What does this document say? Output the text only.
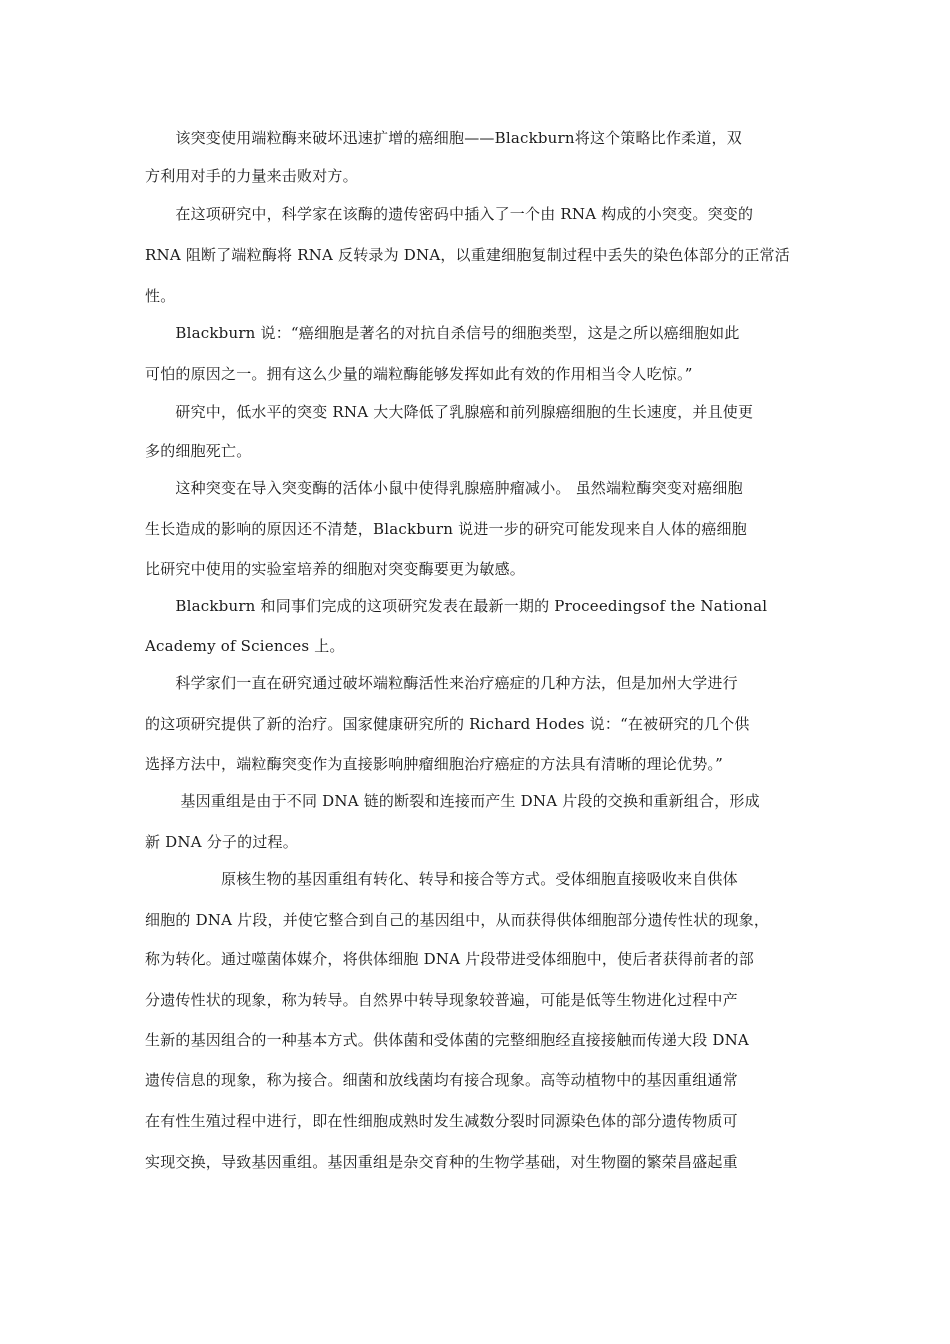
　　该突变使用端粒酶来破坏迅速扩增的癌细胞——Blackburn将这个策略比作柔道，双
方利用对手的力量来击败对方。
　　在这项研究中，科学家在该酶的遗传密码中插入了一个由 RNA 构成的小突变。突变的
RNA 阻断了端粒酶将 RNA 反转录为 DNA，以重建细胞复制过程中丢失的染色体部分的正常活
性。
　　Blackburn 说：“癌细胞是著名的对抗自杀信号的细胞类型，这是之所以癌细胞如此
可怕的原因之一。拥有这么少量的端粒酶能够发挥如此有效的作用相当令人吃惊。”
　　研究中，低水平的突变 RNA 大大降低了乳腺癌和前列腺癌细胞的生长速度，并且使更
多的细胞死亡。
　　这种突变在导入突变酶的活体小鼠中使得乳腺癌肿瘤减小。 虽然端粒酶突变对癌细胞
生长造成的影响的原因还不清楚，Blackburn 说进一步的研究可能发现来自人体的癌细胞
比研究中使用的实验室培养的细胞对突变酶要更为敏感。
　　Blackburn 和同事们完成的这项研究发表在最新一期的 Proceedingsof the National
Academy of Sciences 上。
　　科学家们一直在研究通过破坏端粒酶活性来治疗癌症的几种方法，但是加州大学进行
的这项研究提供了新的治疗。国家健康研究所的 Richard Hodes 说：“在被研究的几个供
选择方法中，端粒酶突变作为直接影响肿瘤细胞治疗癌症的方法具有清晰的理论优势。”
　　 基因重组是由于不同 DNA 链的断裂和连接而产生 DNA 片段的交换和重新组合，形成
新 DNA 分子的过程。
　　　　　原核生物的基因重组有转化、转导和接合等方式。受体细胞直接吸收来自供体
细胞的 DNA 片段，并使它整合到自己的基因组中，从而获得供体细胞部分遗传性状的现象，
称为转化。通过噬菌体媒介，将供体细胞 DNA 片段带进受体细胞中，使后者获得前者的部
分遗传性状的现象，称为转导。自然界中转导现象较普遍，可能是低等生物进化过程中产
生新的基因组合的一种基本方式。供体菌和受体菌的完整细胞经直接接触而传递大段 DNA
遗传信息的现象，称为接合。细菌和放线菌均有接合现象。高等动植物中的基因重组通常
在有性生殖过程中进行，即在性细胞成熟时发生减数分裂时同源染色体的部分遗传物质可
实现交换，导致基因重组。基因重组是杂交育种的生物学基础，对生物圈的繁荣昌盛起重
